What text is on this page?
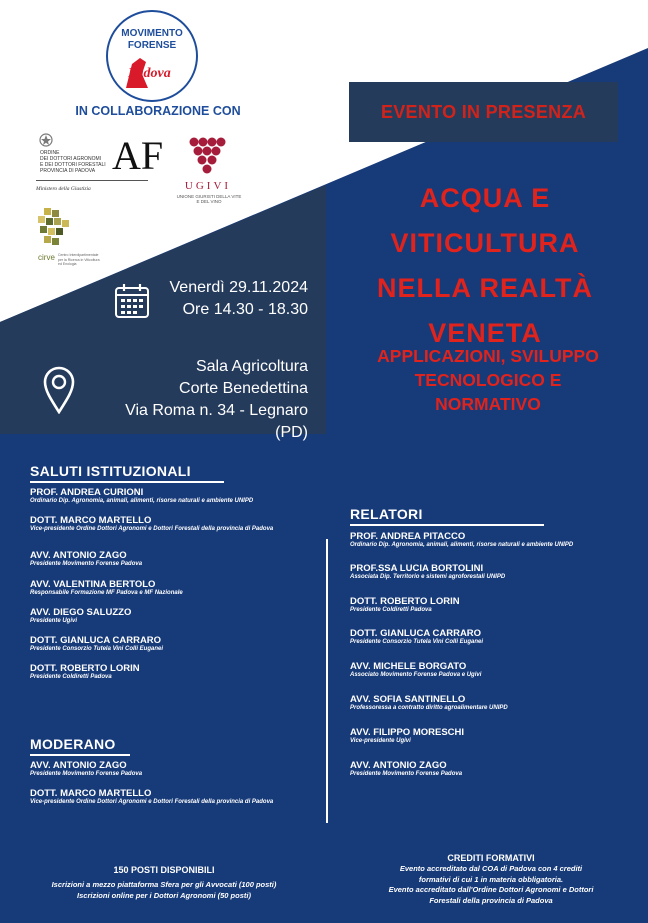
MOVIMENTO
FORENSE
Padova
IN COLLABORAZIONE CON
ORDINE
DEI DOTTORI AGRONOMI
E DEI DOTTORI FORESTALI
PROVINCIA DI PADOVA AF
Ministero della Giustizia	UGIVI
UNIONE GIURISTI DELLA VITE E DEL VINO
cirve Centro Interdipartimentale per la Ricerca in Viticoltura ed Enologia
EVENTO IN PRESENZA
ACQUA E
VITICULTURA
NELLA REALTÀ
VENETA
APPLICAZIONI, SVILUPPO
TECNOLOGICO E
NORMATIVO
Venerdì 29.11.2024
Ore 14.30 - 18.30
Sala Agricoltura
Corte Benedettina
Via Roma n. 34 - Legnaro (PD)
SALUTI ISTITUZIONALI
PROF. ANDREA CURIONI
Ordinario Dip. Agronomia, animali, alimenti, risorse naturali e ambiente UNIPD
DOTT. MARCO MARTELLO
Vice-presidente Ordine Dottori Agronomi e Dottori Forestali della provincia di Padova
AVV. ANTONIO ZAGO
Presidente Movimento Forense Padova
AVV. VALENTINA BERTOLO
Responsabile Formazione MF Padova e MF Nazionale
AVV. DIEGO SALUZZO
Presidente Ugivi
DOTT. GIANLUCA CARRARO
Presidente Consorzio Tutela Vini Colli Euganei
DOTT. ROBERTO LORIN
Presidente Coldiretti Padova
MODERANO
AVV. ANTONIO ZAGO
Presidente Movimento Forense Padova
DOTT. MARCO MARTELLO
Vice-presidente Ordine Dottori Agronomi e Dottori Forestali della provincia di Padova
RELATORI
PROF. ANDREA PITACCO
Ordinario Dip. Agronomia, animali, alimenti, risorse naturali e ambiente UNIPD
PROF.SSA LUCIA BORTOLINI
Associata Dip. Territorio e sistemi agroforestali UNIPD
DOTT. ROBERTO LORIN
Presidente Coldiretti Padova
DOTT. GIANLUCA CARRARO
Presidente Consorzio Tutela Vini Colli Euganei
AVV. MICHELE BORGATO
Associato Movimento Forense Padova e Ugivi
AVV. SOFIA SANTINELLO
Professoressa a contratto diritto agroalimentare UNIPD
AVV. FILIPPO MORESCHI
Vice-presidente Ugivi
AVV. ANTONIO ZAGO
Presidente Movimento Forense Padova
150 POSTI DISPONIBILI
Iscrizioni a mezzo piattaforma Sfera per gli Avvocati (100 posti)
Iscrizioni online per i Dottori Agronomi (50 posti)
CREDITI FORMATIVI
Evento accreditato dal COA di Padova con 4 crediti
formativi di cui 1 in materia obbligatoria.
Evento accreditato dall'Ordine Dottori Agronomi e Dottori
Forestali della provincia di Padova
